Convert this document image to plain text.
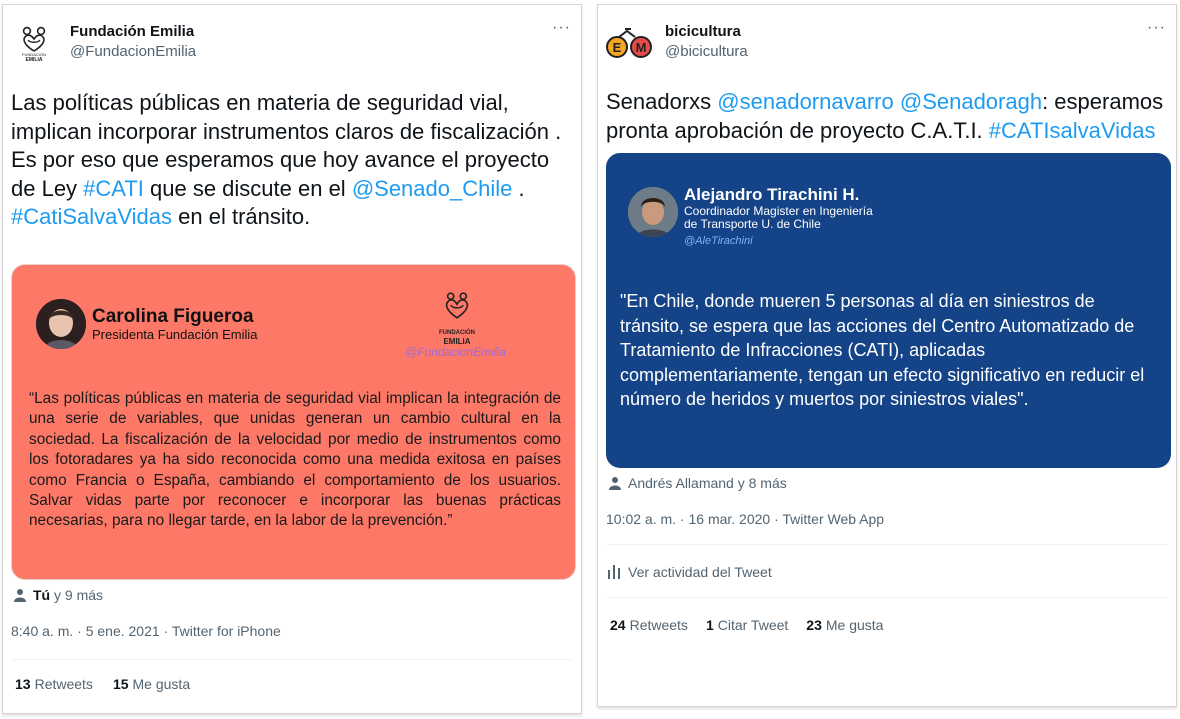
FUNDACIÓN
EMILIA
Fundación Emilia
@FundacionEmilia
···
Las políticas públicas en materia de seguridad vial, implican incorporar instrumentos claros de fiscalización .
Es por eso que esperamos que hoy avance el proyecto de Ley #CATI que se discute en el @Senado_Chile .
#CatiSalvaVidas en el tránsito.
Carolina Figueroa
Presidenta Fundación Emilia	FUNDACIÓN
EMILIA
@FundacionEmilia
“Las políticas públicas en materia de seguridad vial implican la integración de una serie de variables, que unidas generan un cambio cultural en la sociedad. La fiscalización de la velocidad por medio de instrumentos como los fotoradares ya ha sido reconocida como una medida exitosa en países como Francia o España, cambiando el comportamiento de los usuarios. Salvar vidas parte por reconocer e incorporar las buenas prácticas necesarias, para no llegar tarde, en la labor de la prevención.”
Tú y 9 más
8:40 a. m. · 5 ene. 2021 · Twitter for iPhone
13 Retweets 15 Me gusta
E M
bicicultura
@bicicultura
···
Senadorxs @senadornavarro @Senadoragh: esperamos pronta aprobación de proyecto C.A.T.I. #CATIsalvaVidas
Alejandro Tirachini H.
Coordinador Magister en Ingeniería
de Transporte U. de Chile
@AleTirachini
"En Chile, donde mueren 5 personas al día en siniestros de tránsito, se espera que las acciones del Centro Automatizado de Tratamiento de Infracciones (CATI), aplicadas complementariamente, tengan un efecto significativo en reducir el número de heridos y muertos por siniestros viales".
Andrés Allamand y 8 más
10:02 a. m. · 16 mar. 2020 · Twitter Web App
Ver actividad del Tweet
24 Retweets 1 Citar Tweet 23 Me gusta
